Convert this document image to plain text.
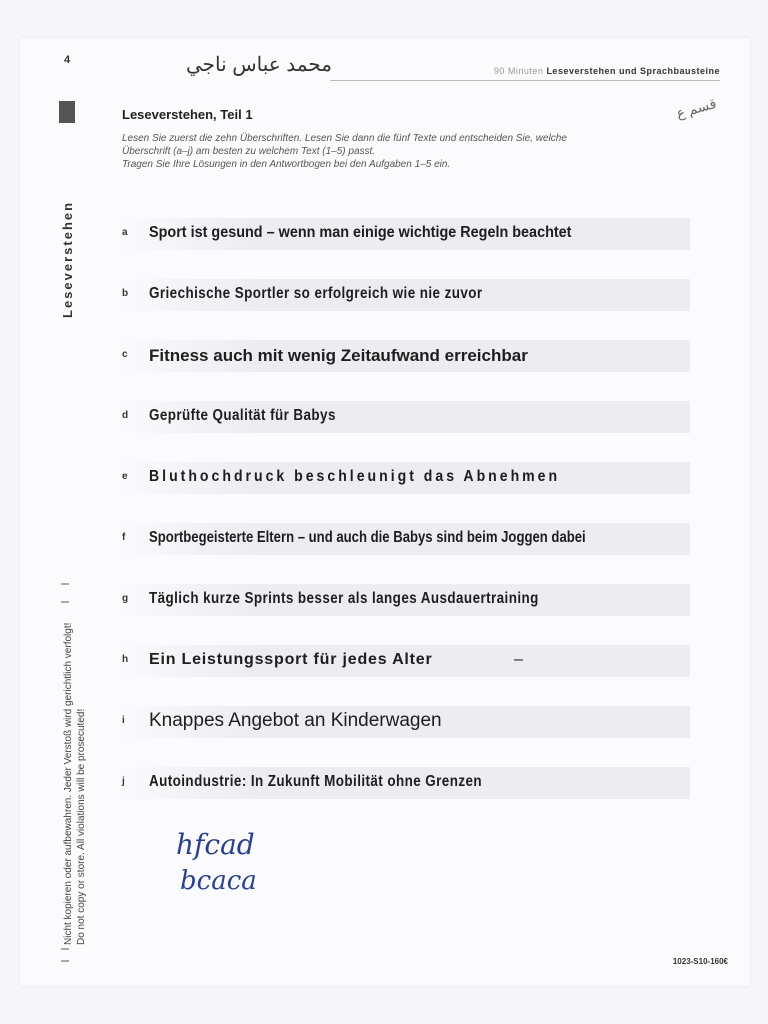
4	محمد عباس ناجي
قسم ع
90 Minuten Leseverstehen und Sprachbausteine
Leseverstehen, Teil 1
Lesen Sie zuerst die zehn Überschriften. Lesen Sie dann die fünf Texte und entscheiden Sie, welche
Überschrift (a–j) am besten zu welchem Text (1–5) passt.
Tragen Sie Ihre Lösungen in den Antwortbogen bei den Aufgaben 1–5 ein.
Leseverstehen
Nicht kopieren oder aufbewahren. Jeder Verstoß wird gerichtlich verfolgt! Do not copy or store. All violations will be prosecuted!
a Sport ist gesund – wenn man einige wichtige Regeln beachtet
b Griechische Sportler so erfolgreich wie nie zuvor
c Fitness auch mit wenig Zeitaufwand erreichbar
d Geprüfte Qualität für Babys
e Bluthochdruck beschleunigt das Abnehmen
f Sportbegeisterte Eltern – und auch die Babys sind beim Joggen dabei
g Täglich kurze Sprints besser als langes Ausdauertraining
h Ein Leistungssport für jedes Alter	–
i Knappes Angebot an Kinderwagen
j Autoindustrie: In Zukunft Mobilität ohne Grenzen
hfcad
bcaca
1023-S10-160€
